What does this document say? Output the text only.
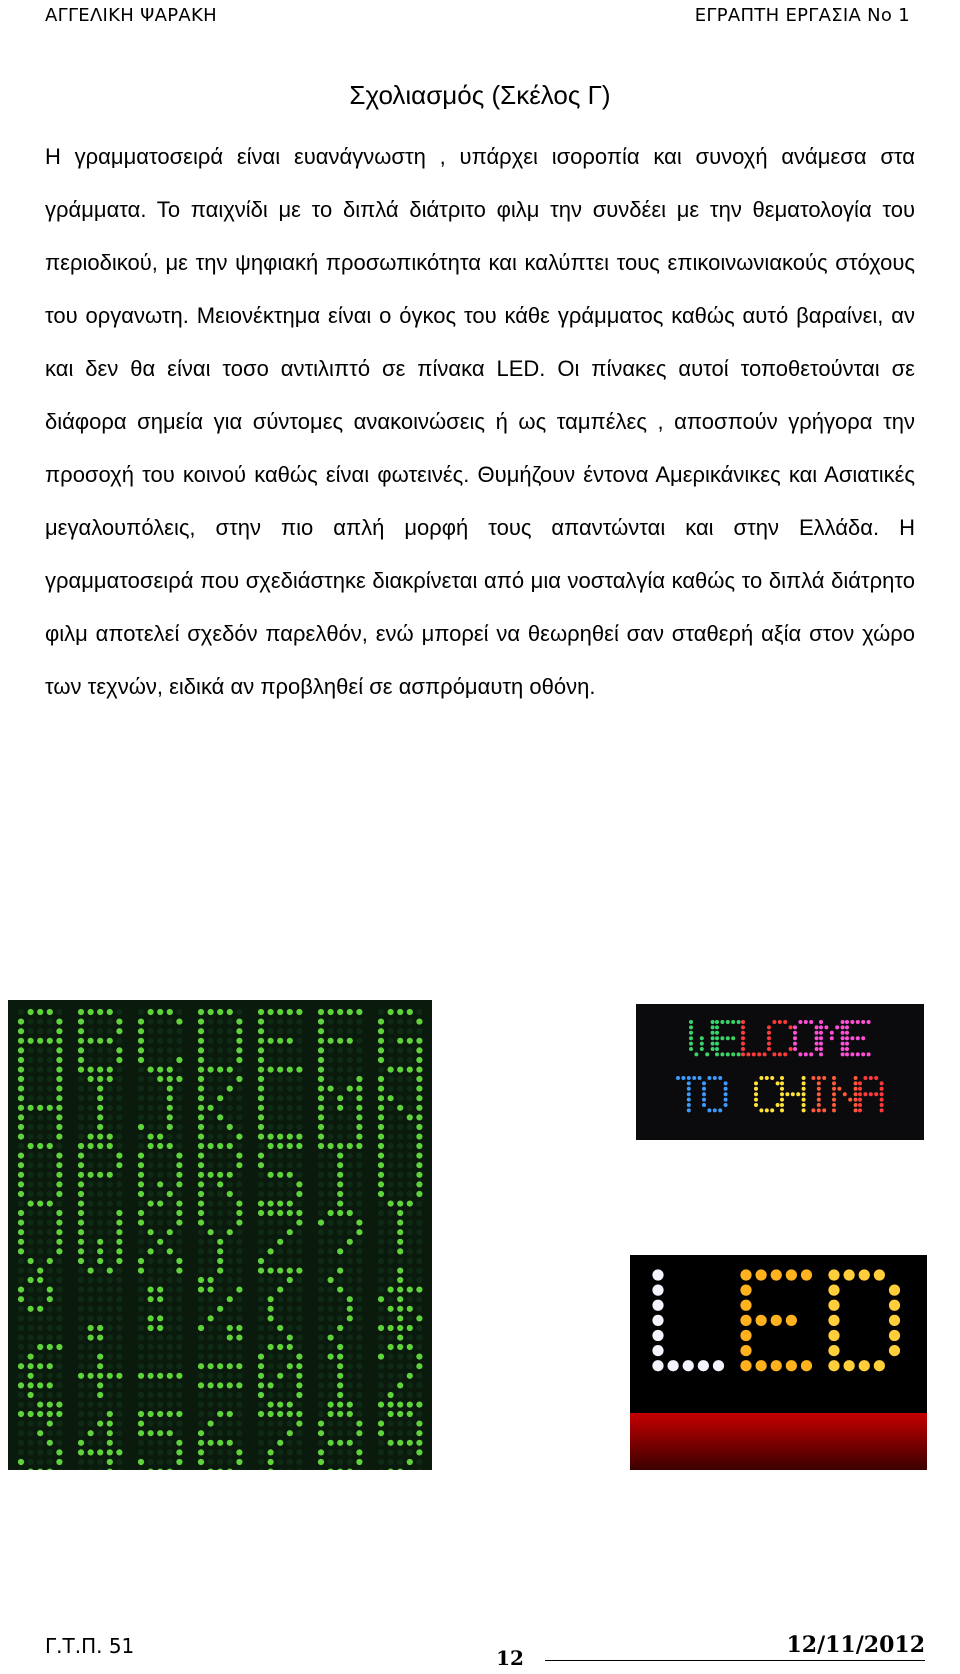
ΑΓΓΕΛΙΚΗ ΨΑΡΑΚΗ	ΕΓΡΑΠΤΗ ΕΡΓΑΣΙΑ Νο 1
Σχολιασμός (Σκέλος Γ)

Η γραμματοσειρά είναι ευανάγνωστη , υπάρχει ισοροπία και συνοχή ανάμεσα στα γράμματα. Το παιχνίδι με το διπλά διάτριτο φιλμ την συνδέει με την θεματολογία του περιοδικού, με την ψηφιακή προσωπικότητα και καλύπτει τους επικοινωνιακούς στόχους του οργανωτη. Μειονέκτημα είναι ο όγκος του κάθε γράμματος καθώς αυτό βαραίνει, αν και δεν θα είναι τοσο αντιλιπτό σε πίνακα LED. Οι πίνακες αυτοί τοποθετούνται σε διάφορα σημεία για σύντομες ανακοινώσεις ή ως ταμπέλες , αποσπούν γρήγορα την προσοχή του κοινού καθώς είναι φωτεινές. Θυμήζουν έντονα Αμερικάνικες και Ασιατικές μεγαλουπόλεις, στην πιο απλή μορφή τους απαντώνται και στην Ελλάδα. Η γραμματοσειρά που σχεδιάστηκε διακρίνεται από μια νοσταλγία καθώς το διπλά διάτρητο φιλμ αποτελεί σχεδόν παρελθόν, ενώ μπορεί να θεωρηθεί σαν σταθερή αξία στον χώρο των τεχνών, ειδικά αν προβληθεί σε ασπρόμαυτη οθόνη.

Γ.Τ.Π. 51	12	12/11/2012
